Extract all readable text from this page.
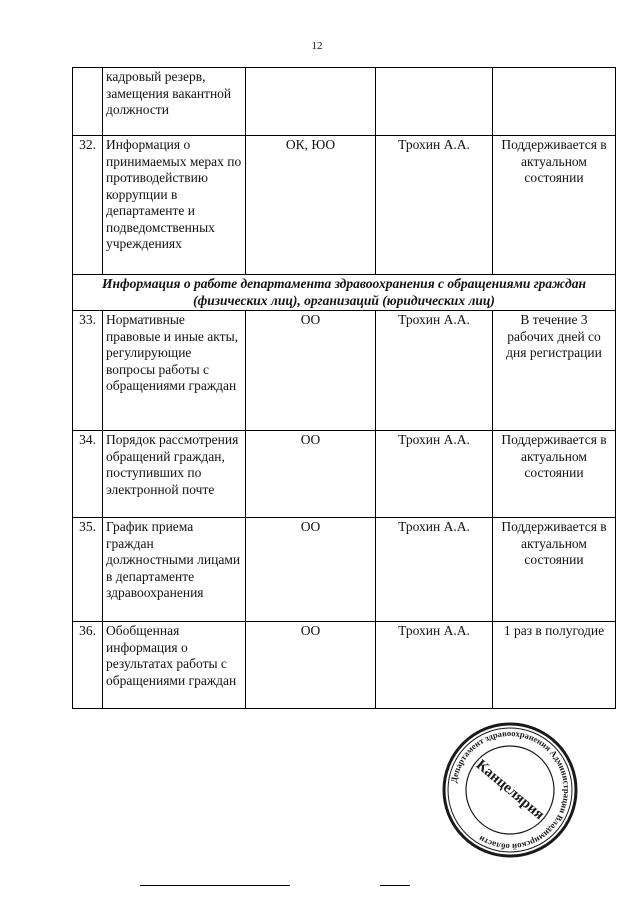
12
	кадровый резерв, замещения вакантной должности			
32.	Информация о принимаемых мерах по противодействию коррупции в департаменте и подведомственных учреждениях	ОК, ЮО	Трохин А.А.	Поддерживается в актуальном состоянии
Информация о работе департамента здравоохранения с обращениями граждан (физических лиц), организаций (юридических лиц)				
33.	Нормативные правовые и иные акты, регулирующие вопросы работы с обращениями граждан	ОО	Трохин А.А.	В течение 3 рабочих дней со дня регистрации
34.	Порядок рассмотрения обращений граждан, поступивших по электронной почте	ОО	Трохин А.А.	Поддерживается в актуальном состоянии
35.	График приема граждан должностными лицами в департаменте здравоохранения	ОО	Трохин А.А.	Поддерживается в актуальном состоянии
36.	Обобщенная информация о результатах работы с обращениями граждан	ОО	Трохин А.А.	1 раз в полугодие
Департамент здравоохранения Администрации Владимирской области
Канцелярия
